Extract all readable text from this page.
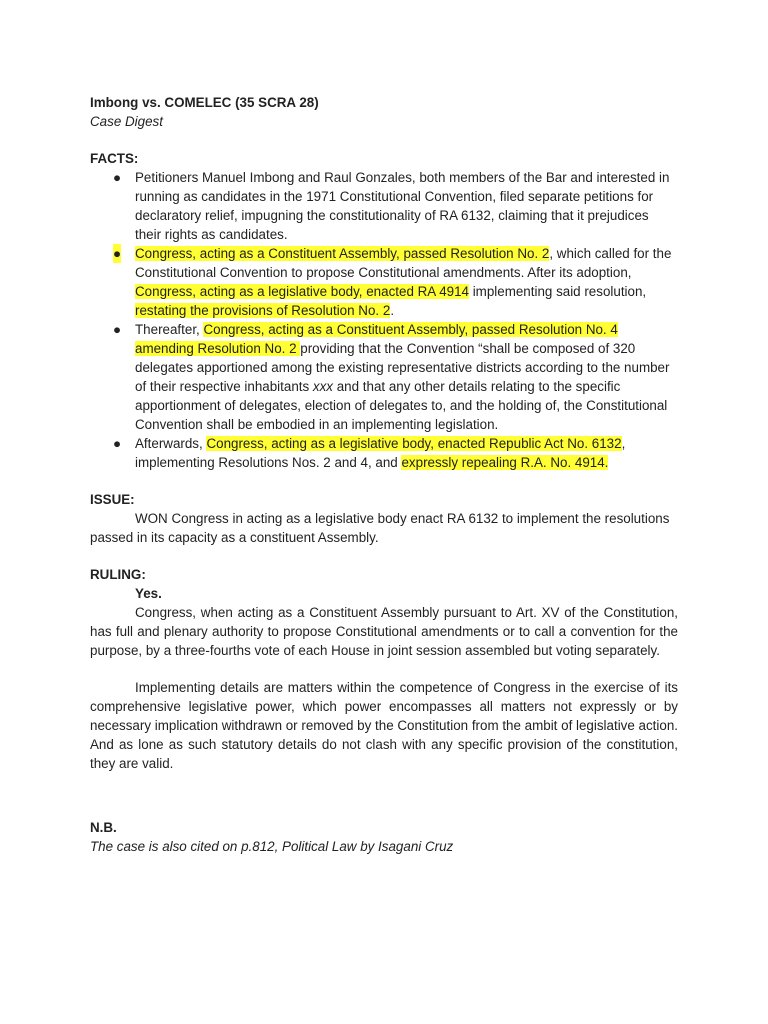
Imbong vs. COMELEC (35 SCRA 28)
Case Digest
FACTS:
● Petitioners Manuel Imbong and Raul Gonzales, both members of the Bar and interested in running as candidates in the 1971 Constitutional Convention, filed separate petitions for declaratory relief, impugning the constitutionality of RA 6132, claiming that it prejudices their rights as candidates.
● Congress, acting as a Constituent Assembly, passed Resolution No. 2, which called for the Constitutional Convention to propose Constitutional amendments. After its adoption, Congress, acting as a legislative body, enacted RA 4914 implementing said resolution, restating the provisions of Resolution No. 2.
● Thereafter, Congress, acting as a Constituent Assembly, passed Resolution No. 4 amending Resolution No. 2 providing that the Convention “shall be composed of 320 delegates apportioned among the existing representative districts according to the number of their respective inhabitants xxx and that any other details relating to the specific apportionment of delegates, election of delegates to, and the holding of, the Constitutional Convention shall be embodied in an implementing legislation.
● Afterwards, Congress, acting as a legislative body, enacted Republic Act No. 6132, implementing Resolutions Nos. 2 and 4, and expressly repealing R.A. No. 4914.
ISSUE:
WON Congress in acting as a legislative body enact RA 6132 to implement the resolutions passed in its capacity as a constituent Assembly.
RULING:
Yes.
Congress, when acting as a Constituent Assembly pursuant to Art. XV of the Constitution, has full and plenary authority to propose Constitutional amendments or to call a convention for the purpose, by a three-fourths vote of each House in joint session assembled but voting separately.
Implementing details are matters within the competence of Congress in the exercise of its comprehensive legislative power, which power encompasses all matters not expressly or by necessary implication withdrawn or removed by the Constitution from the ambit of legislative action. And as lone as such statutory details do not clash with any specific provision of the constitution, they are valid.
N.B.
The case is also cited on p.812, Political Law by Isagani Cruz
